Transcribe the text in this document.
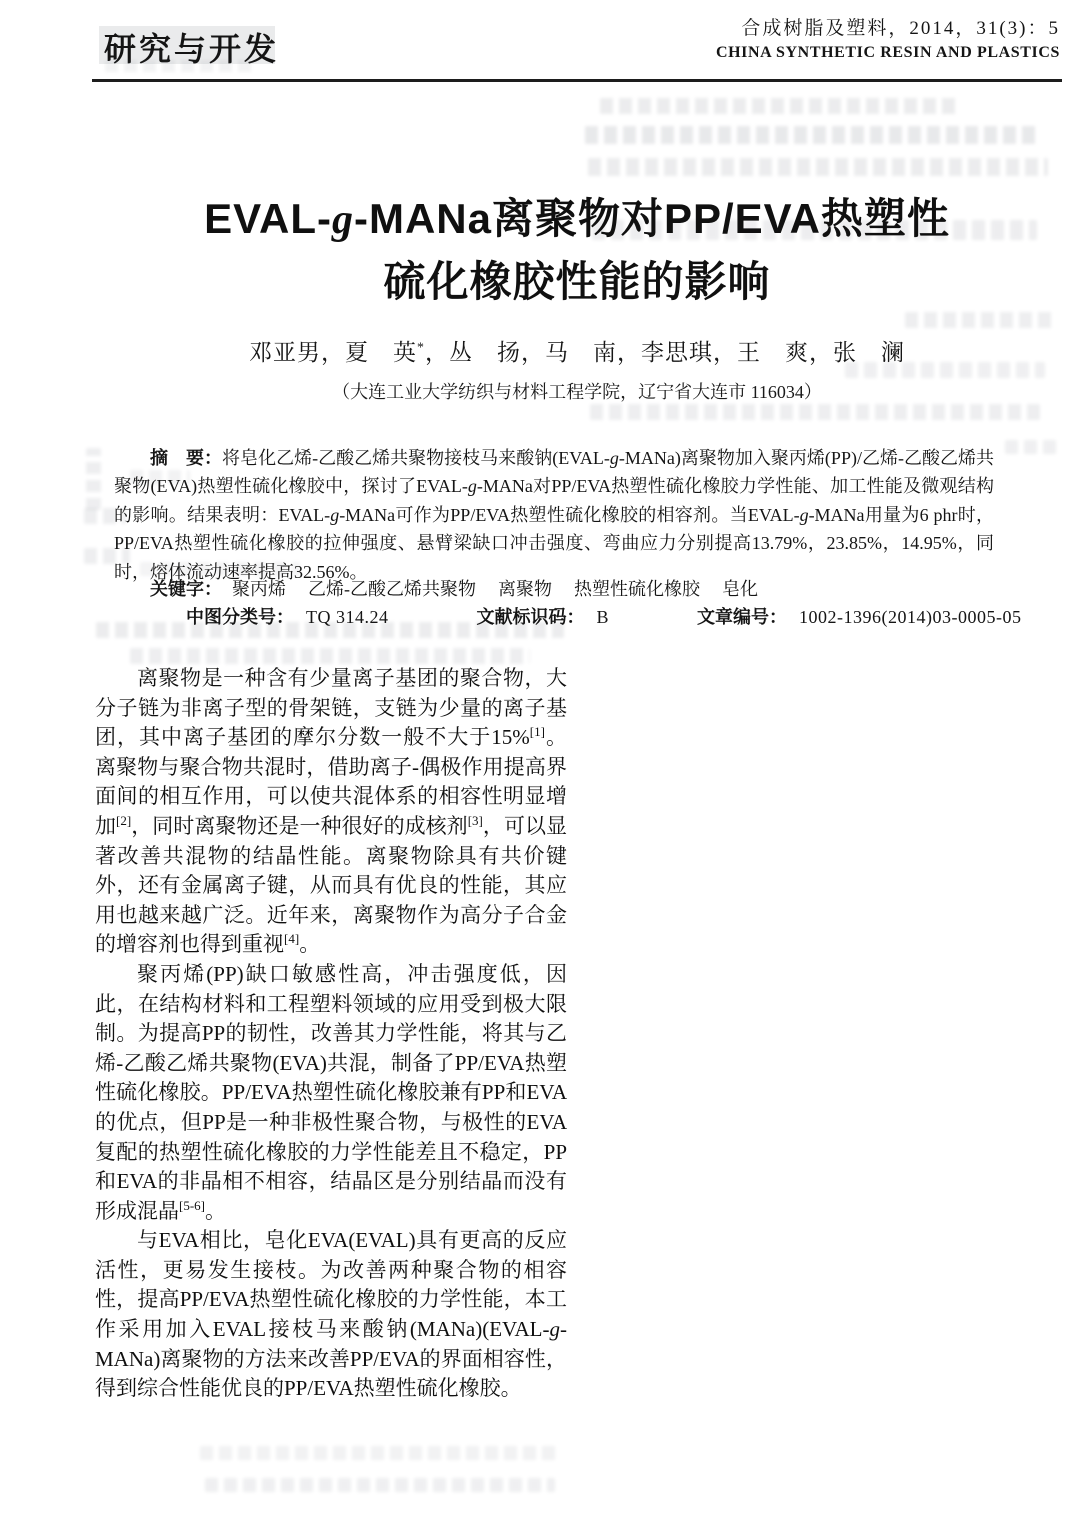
研究与开发
合成树脂及塑料，2014，31(3)：5
CHINA SYNTHETIC RESIN AND PLASTICS
EVAL-g-MANa离聚物对PP/EVA热塑性
硫化橡胶性能的影响
邓亚男，夏　英*，丛　扬，马　南，李思琪，王　爽，张　澜
（大连工业大学纺织与材料工程学院，辽宁省大连市 116034）

摘　要：将皂化乙烯-乙酸乙烯共聚物接枝马来酸钠(EVAL-g-MANa)离聚物加入聚丙烯(PP)/乙烯-乙酸乙烯共聚物(EVA)热塑性硫化橡胶中，探讨了EVAL-g-MANa对PP/EVA热塑性硫化橡胶力学性能、加工性能及微观结构的影响。结果表明：EVAL-g-MANa可作为PP/EVA热塑性硫化橡胶的相容剂。当EVAL-g-MANa用量为6 phr时，PP/EVA热塑性硫化橡胶的拉伸强度、悬臂梁缺口冲击强度、弯曲应力分别提高13.79%，23.85%，14.95%，同时，熔体流动速率提高32.56%。

关键字： 聚丙烯 乙烯-乙酸乙烯共聚物 离聚物 热塑性硫化橡胶 皂化

中图分类号： TQ 314.24	文献标识码： B	文章编号： 1002-1396(2014)03-0005-05

离聚物是一种含有少量离子基团的聚合物，大分子链为非离子型的骨架链，支链为少量的离子基团，其中离子基团的摩尔分数一般不大于15%[1]。离聚物与聚合物共混时，借助离子-偶极作用提高界面间的相互作用，可以使共混体系的相容性明显增加[2]，同时离聚物还是一种很好的成核剂[3]，可以显著改善共混物的结晶性能。离聚物除具有共价键外，还有金属离子键，从而具有优良的性能，其应用也越来越广泛。近年来，离聚物作为高分子合金的增容剂也得到重视[4]。

聚丙烯(PP)缺口敏感性高，冲击强度低，因此，在结构材料和工程塑料领域的应用受到极大限制。为提高PP的韧性，改善其力学性能，将其与乙烯-乙酸乙烯共聚物(EVA)共混，制备了PP/EVA热塑性硫化橡胶。PP/EVA热塑性硫化橡胶兼有PP和EVA的优点，但PP是一种非极性聚合物，与极性的EVA复配的热塑性硫化橡胶的力学性能差且不稳定，PP和EVA的非晶相不相容，结晶区是分别结晶而没有形成混晶[5-6]。

与EVA相比，皂化EVA(EVAL)具有更高的反应活性，更易发生接枝。为改善两种聚合物的相容性，提高PP/EVA热塑性硫化橡胶的力学性能，本工作采用加入EVAL接枝马来酸钠(MANa)(EVAL-g-MANa)离聚物的方法来改善PP/EVA的界面相容性，得到综合性能优良的PP/EVA热塑性硫化橡胶。
